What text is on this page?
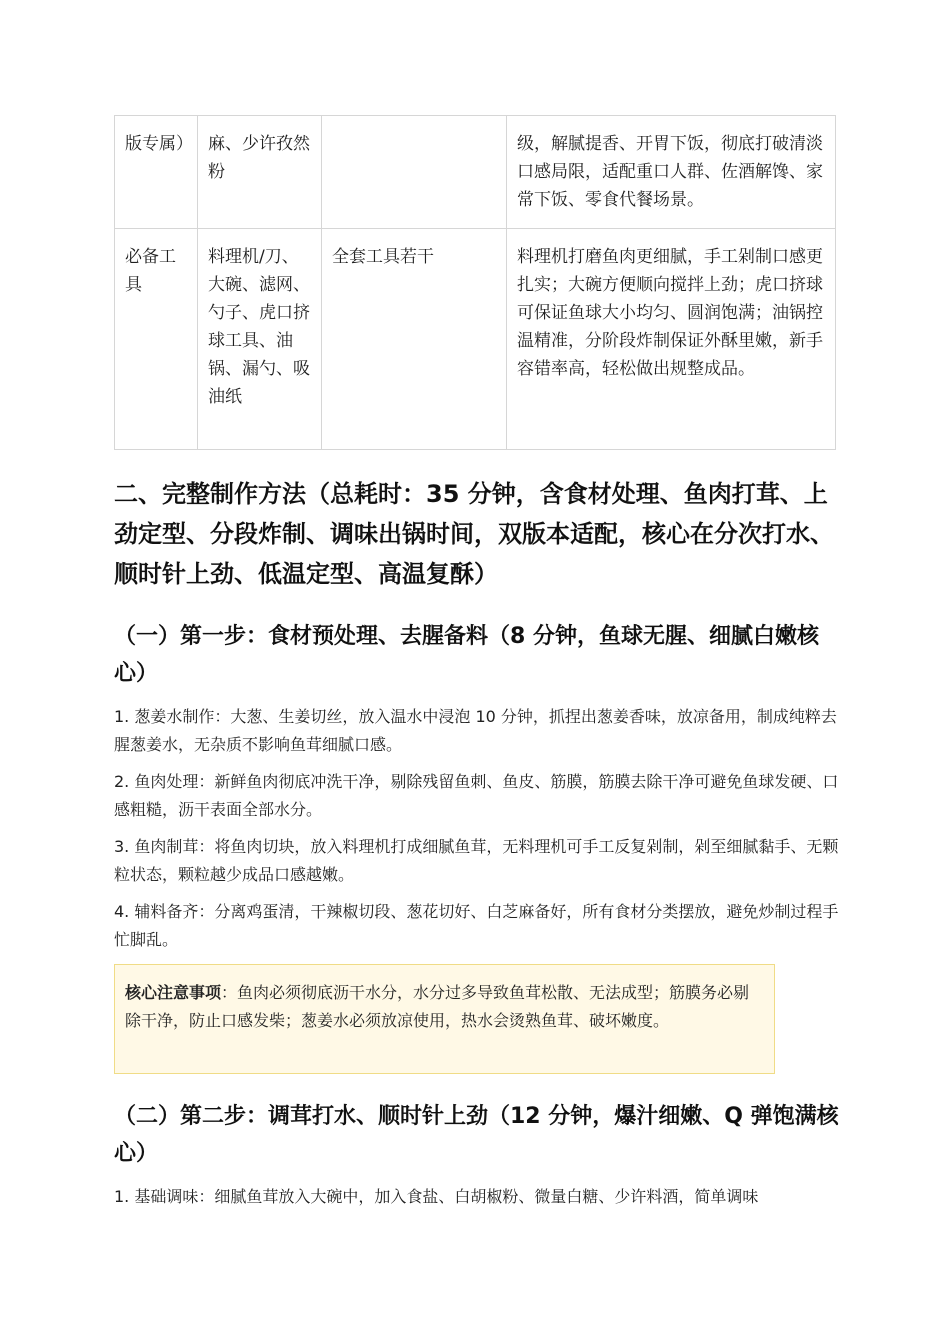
版专属）	麻、少许孜然粉		级，解腻提香、开胃下饭，彻底打破清淡口感局限，适配重口人群、佐酒解馋、家常下饭、零食代餐场景。
必备工具	料理机/刀、大碗、滤网、勺子、虎口挤球工具、油锅、漏勺、吸油纸	全套工具若干	料理机打磨鱼肉更细腻，手工剁制口感更扎实；大碗方便顺向搅拌上劲；虎口挤球可保证鱼球大小均匀、圆润饱满；油锅控温精准，分阶段炸制保证外酥里嫩，新手容错率高，轻松做出规整成品。
二、完整制作方法（总耗时：35 分钟，含食材处理、鱼肉打茸、上劲定型、分段炸制、调味出锅时间，双版本适配，核心在分次打水、顺时针上劲、低温定型、高温复酥）
（一）第一步：食材预处理、去腥备料（8 分钟，鱼球无腥、细腻白嫩核心）

1. 葱姜水制作：大葱、生姜切丝，放入温水中浸泡 10 分钟，抓捏出葱姜香味，放凉备用，制成纯粹去腥葱姜水，无杂质不影响鱼茸细腻口感。

2. 鱼肉处理：新鲜鱼肉彻底冲洗干净，剔除残留鱼刺、鱼皮、筋膜，筋膜去除干净可避免鱼球发硬、口感粗糙，沥干表面全部水分。

3. 鱼肉制茸：将鱼肉切块，放入料理机打成细腻鱼茸，无料理机可手工反复剁制，剁至细腻黏手、无颗粒状态，颗粒越少成品口感越嫩。

4. 辅料备齐：分离鸡蛋清，干辣椒切段、葱花切好、白芝麻备好，所有食材分类摆放，避免炒制过程手忙脚乱。

核心注意事项：鱼肉必须彻底沥干水分，水分过多导致鱼茸松散、无法成型；筋膜务必剔除干净，防止口感发柴；葱姜水必须放凉使用，热水会烫熟鱼茸、破坏嫩度。
（二）第二步：调茸打水、顺时针上劲（12 分钟，爆汁细嫩、Q 弹饱满核心）

1. 基础调味：细腻鱼茸放入大碗中，加入食盐、白胡椒粉、微量白糖、少许料酒，简单调味
